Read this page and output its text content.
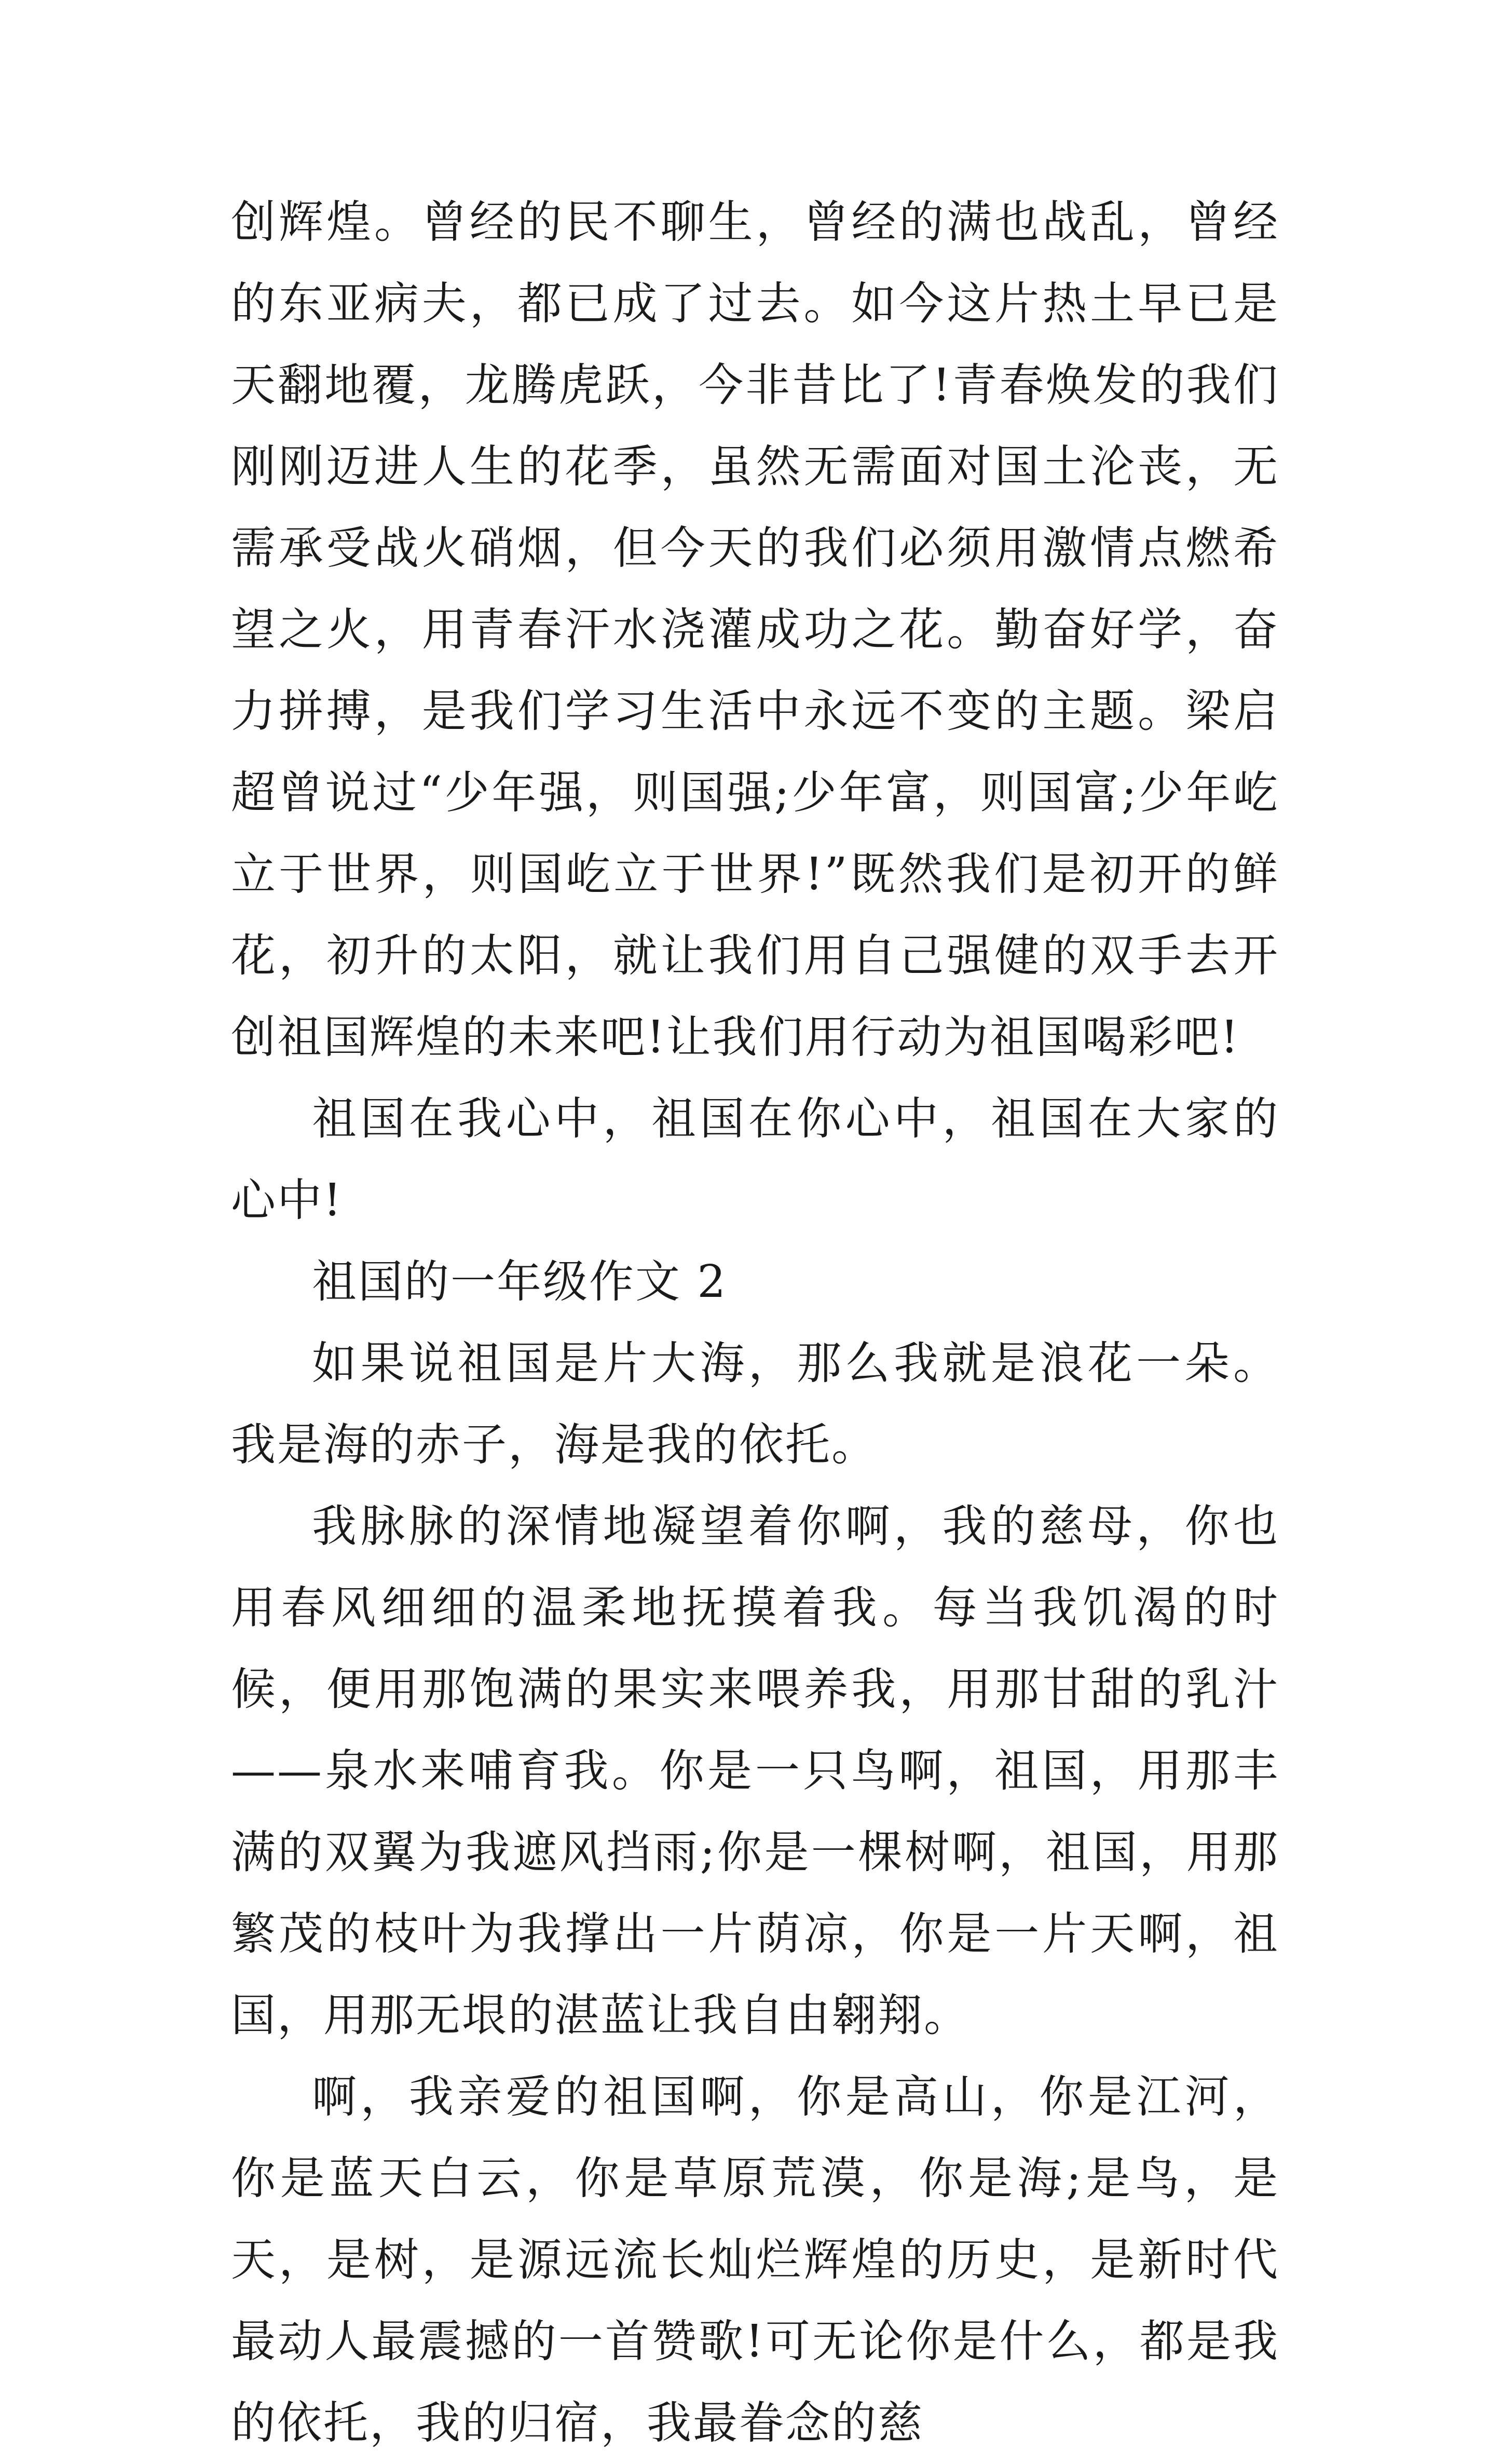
创辉煌。曾经的民不聊生，曾经的满也战乱，曾经的东亚病夫，都已成了过去。如今这片热土早已是天翻地覆，龙腾虎跃，今非昔比了!青春焕发的我们刚刚迈进人生的花季，虽然无需面对国土沦丧，无需承受战火硝烟，但今天的我们必须用激情点燃希望之火，用青春汗水浇灌成功之花。勤奋好学，奋力拼搏，是我们学习生活中永远不变的主题。梁启超曾说过“少年强，则国强;少年富，则国富;少年屹立于世界，则国屹立于世界!”既然我们是初开的鲜花，初升的太阳，就让我们用自己强健的双手去开创祖国辉煌的未来吧!让我们用行动为祖国喝彩吧!

祖国在我心中，祖国在你心中，祖国在大家的心中!

祖国的一年级作文 2

如果说祖国是片大海，那么我就是浪花一朵。我是海的赤子，海是我的依托。

我脉脉的深情地凝望着你啊，我的慈母，你也用春风细细的温柔地抚摸着我。每当我饥渴的时候，便用那饱满的果实来喂养我，用那甘甜的乳汁——泉水来哺育我。你是一只鸟啊，祖国，用那丰满的双翼为我遮风挡雨;你是一棵树啊，祖国，用那繁茂的枝叶为我撑出一片荫凉，你是一片天啊，祖国，用那无垠的湛蓝让我自由翱翔。

啊，我亲爱的祖国啊，你是高山，你是江河，你是蓝天白云，你是草原荒漠，你是海;是鸟，是天，是树，是源远流长灿烂辉煌的历史，是新时代最动人最震撼的一首赞歌!可无论你是什么，都是我的依托，我的归宿，我最眷念的慈
